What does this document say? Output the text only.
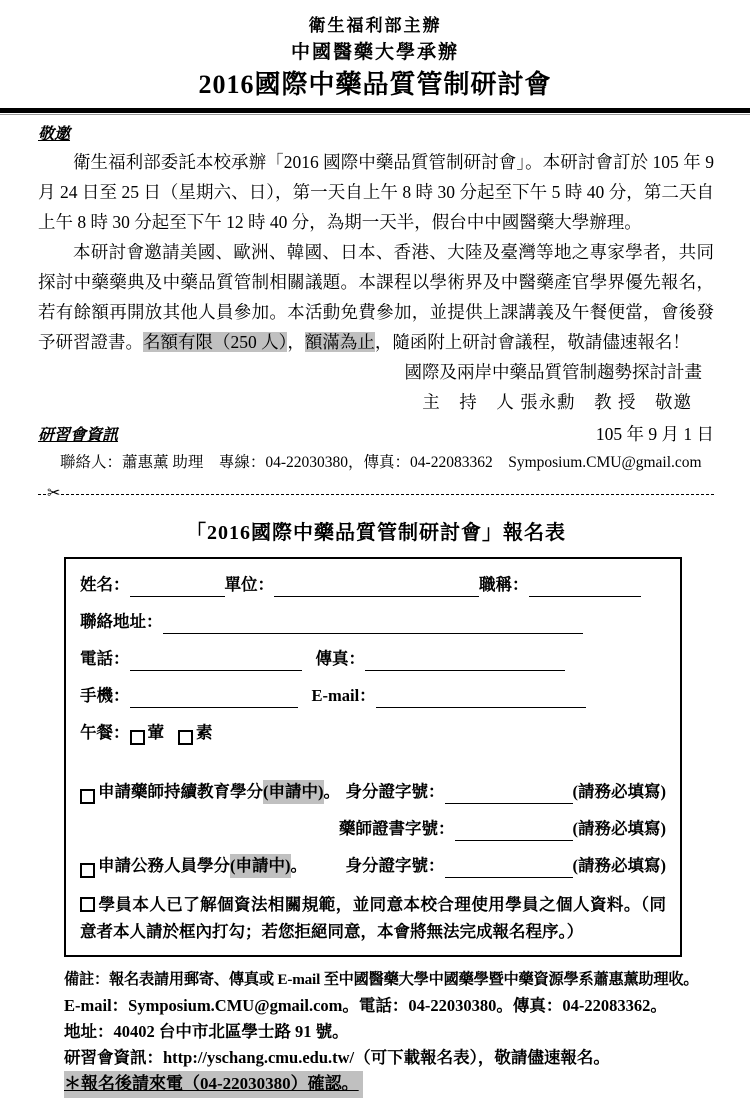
衛生福利部主辦
中國醫藥大學承辦
2016國際中藥品質管制研討會
敬邀

衛生福利部委託本校承辦「2016 國際中藥品質管制研討會」。本研討會訂於 105 年 9 月 24 日至 25 日（星期六、日），第一天自上午 8 時 30 分起至下午 5 時 40 分，第二天自上午 8 時 30 分起至下午 12 時 40 分，為期一天半，假台中中國醫藥大學辦理。

本研討會邀請美國、歐洲、韓國、日本、香港、大陸及臺灣等地之專家學者，共同探討中藥藥典及中藥品質管制相關議題。本課程以學術界及中醫藥產官學界優先報名，若有餘額再開放其他人員參加。本活動免費參加，並提供上課講義及午餐便當，會後發予研習證書。名額有限（250 人），額滿為止，隨函附上研討會議程，敬請儘速報名！

國際及兩岸中藥品質管制趨勢探討計畫
主　持　人 張永勳　教 授　敬邀
研習會資訊	105 年 9 月 1 日
聯絡人：蕭惠薰 助理　專線：04-22030380，傳真：04-22083362　Symposium.CMU@gmail.com
✂
「2016國際中藥品質管制研討會」報名表
姓名：	單位：	職稱：
聯絡地址：
電話：	傳真：
手機：	E-mail：
午餐： 葷 素
申請藥師持續教育學分 (申請中) 。 身分證字號：	(請務必填寫)
藥師證書字號：	(請務必填寫)
申請公務人員學分 (申請中) 。 身分證字號：	(請務必填寫)
學員本人已了解個資法相關規範，並同意本校合理使用學員之個人資料。（同意者本人請於框內打勾；若您拒絕同意，本會將無法完成報名程序。）
備註：報名表請用郵寄、傳真或 E-mail 至中國醫藥大學中國藥學暨中藥資源學系蕭惠薰助理收。
E-mail：Symposium.CMU@gmail.com。電話：04-22030380。傳真：04-22083362。
地址：40402 台中市北區學士路 91 號。
研習會資訊：http://yschang.cmu.edu.tw/（可下載報名表），敬請儘速報名。
＊報名後請來電（04-22030380）確認。
